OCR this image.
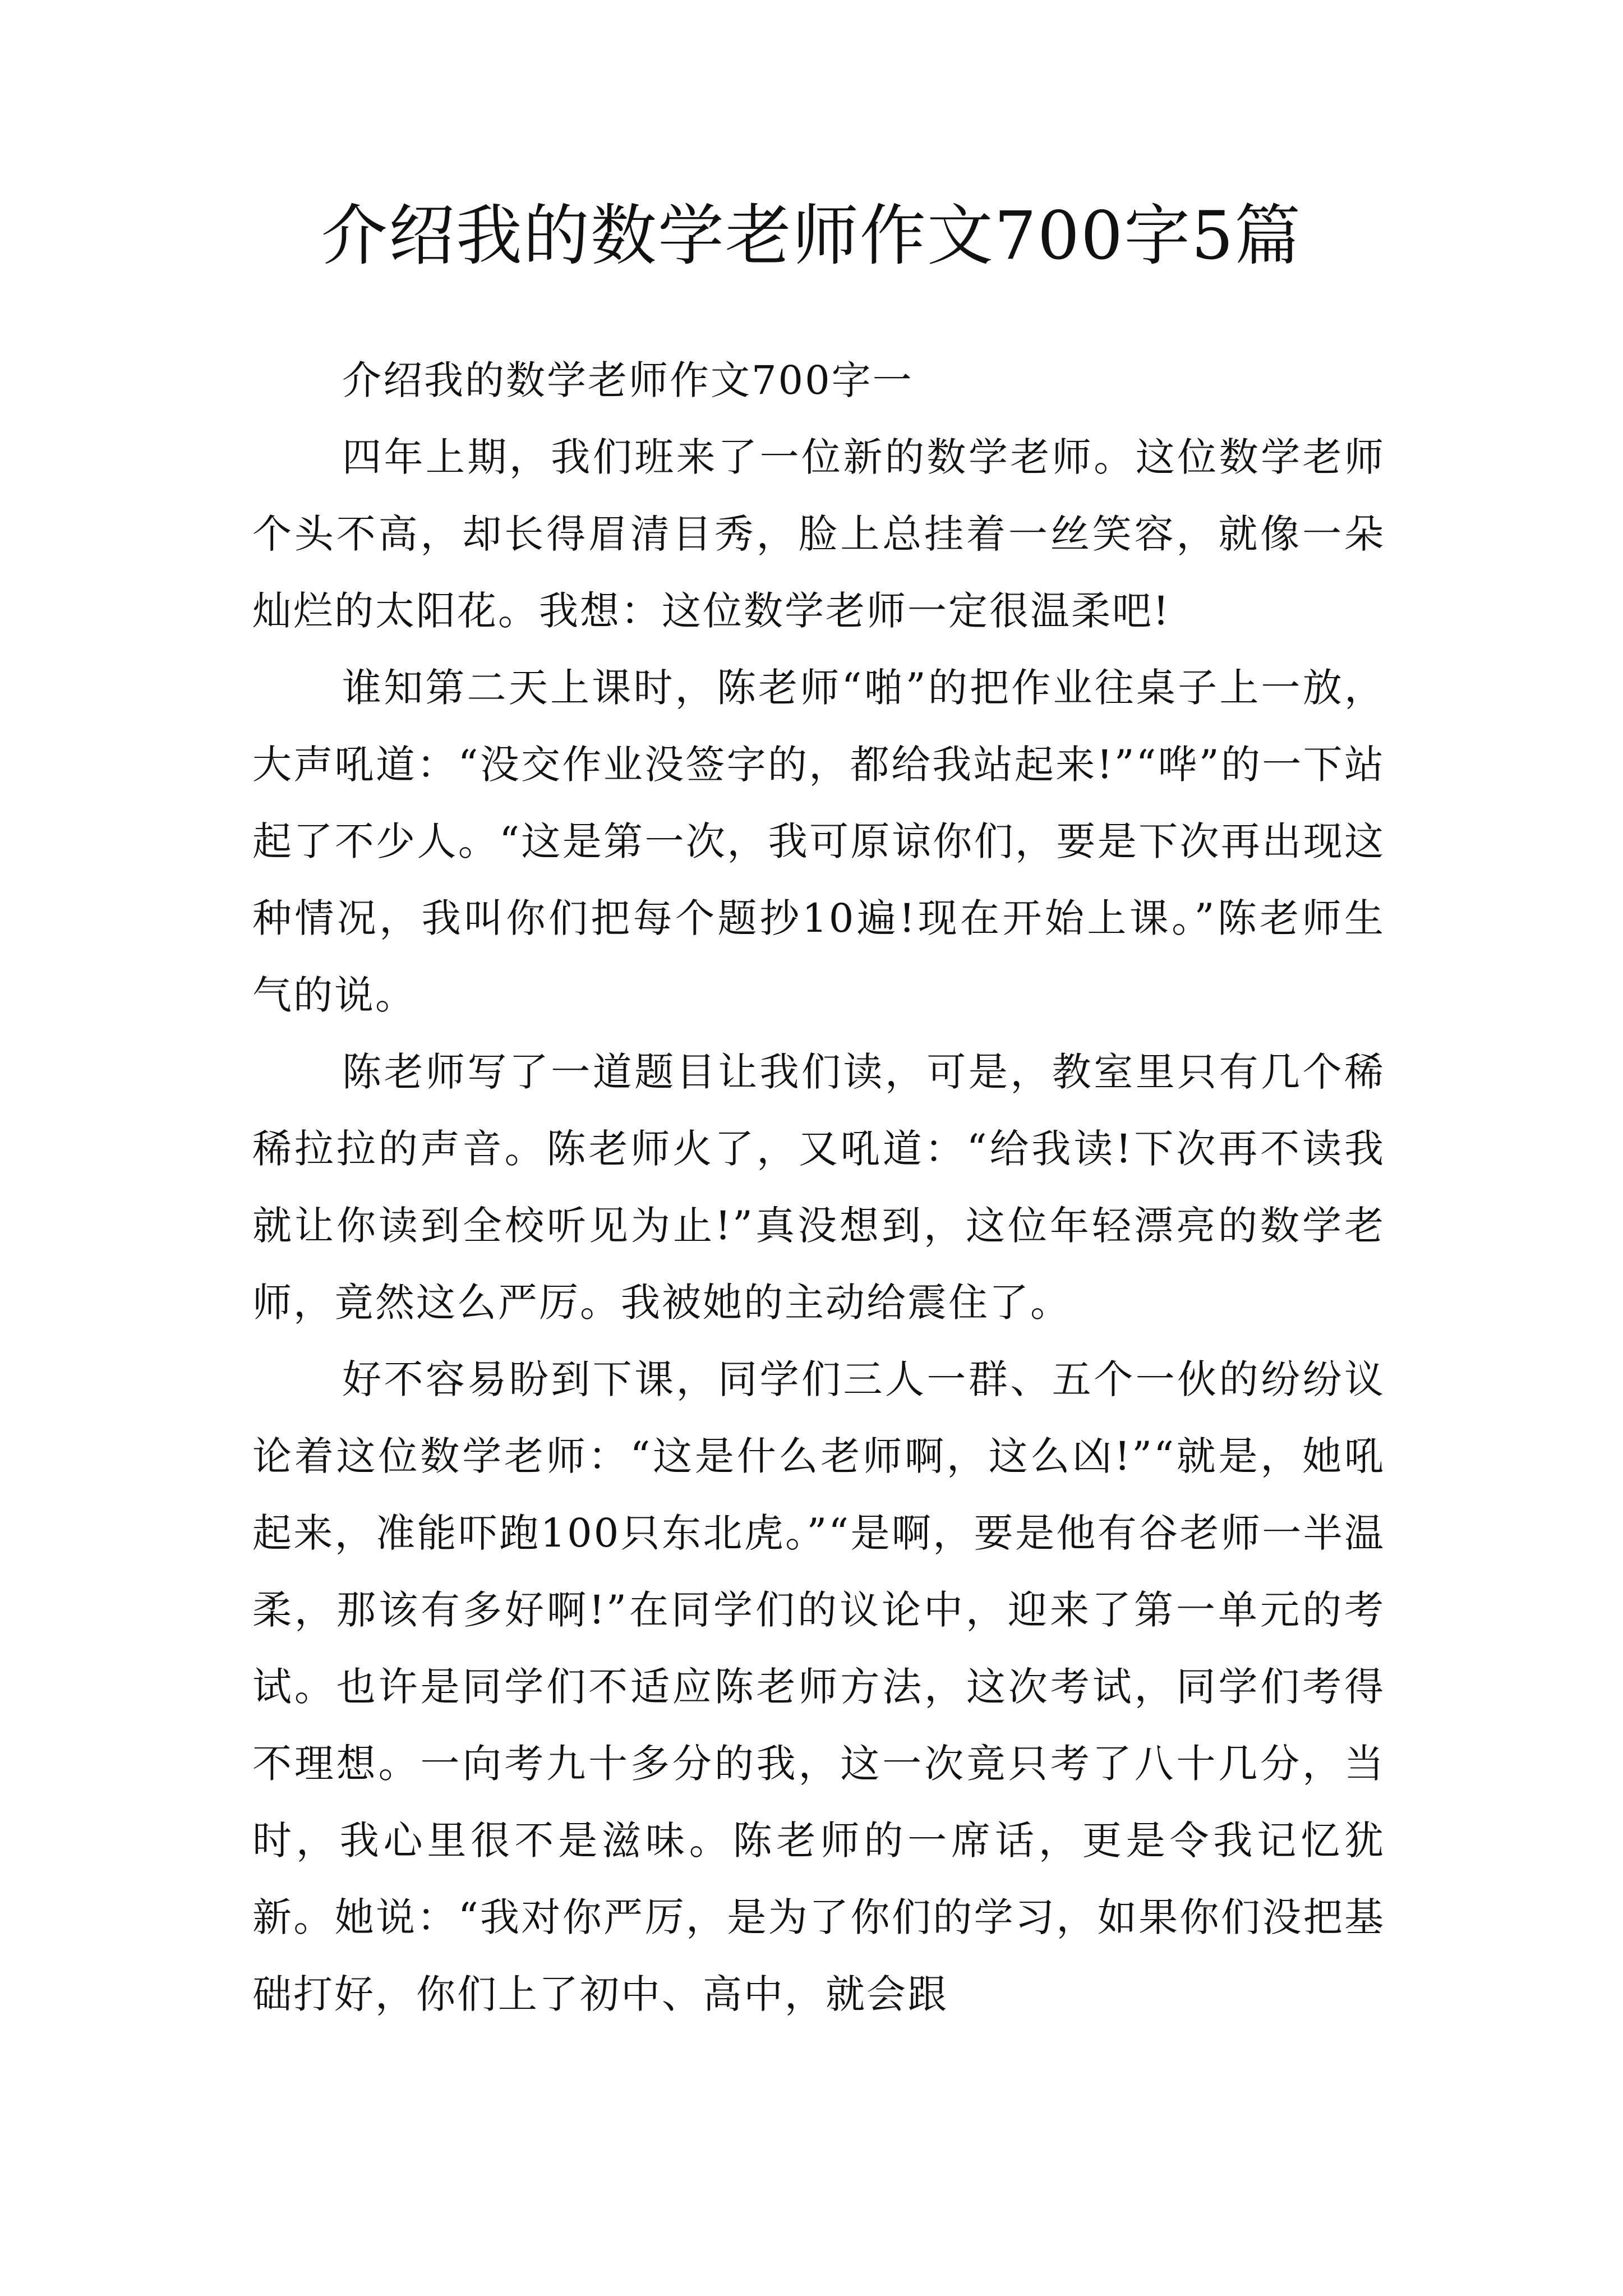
介绍我的数学老师作文700字5篇

介绍我的数学老师作文700字一

四年上期，我们班来了一位新的数学老师。这位数学老师个头不高，却长得眉清目秀，脸上总挂着一丝笑容，就像一朵灿烂的太阳花。我想：这位数学老师一定很温柔吧!

谁知第二天上课时，陈老师“啪”的把作业往桌子上一放，大声吼道：“没交作业没签字的，都给我站起来!”“哗”的一下站起了不少人。“这是第一次，我可原谅你们，要是下次再出现这种情况，我叫你们把每个题抄10遍!现在开始上课。”陈老师生气的说。

陈老师写了一道题目让我们读，可是，教室里只有几个稀稀拉拉的声音。陈老师火了，又吼道：“给我读!下次再不读我就让你读到全校听见为止!”真没想到，这位年轻漂亮的数学老师，竟然这么严厉。我被她的主动给震住了。

好不容易盼到下课，同学们三人一群、五个一伙的纷纷议论着这位数学老师：“这是什么老师啊，这么凶!”“就是，她吼起来，准能吓跑100只东北虎。”“是啊，要是他有谷老师一半温柔，那该有多好啊!”在同学们的议论中，迎来了第一单元的考试。也许是同学们不适应陈老师方法，这次考试，同学们考得不理想。一向考九十多分的我，这一次竟只考了八十几分，当时，我心里很不是滋味。陈老师的一席话，更是令我记忆犹新。她说：“我对你严厉，是为了你们的学习，如果你们没把基础打好，你们上了初中、高中，就会跟
